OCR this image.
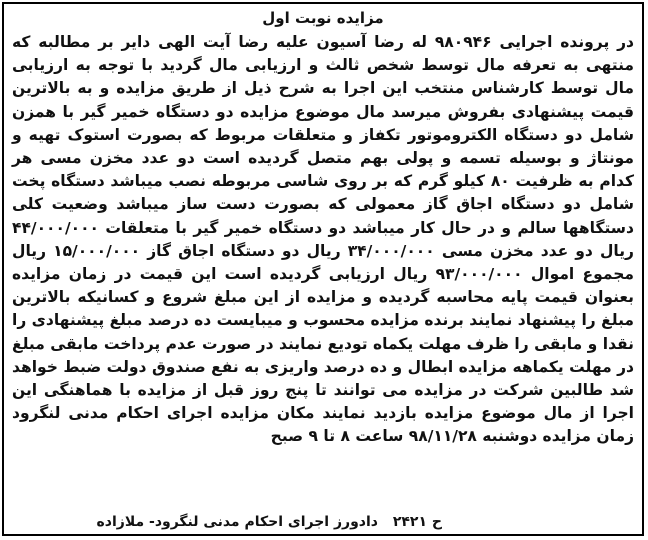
مزایده نوبت اول

در پرونده اجرایی ۹۸۰۹۴۶ له رضا آسیون علیه رضا آیت الهی دایر بر مطالبه که منتهی به تعرفه مال توسط شخص ثالث و ارزیابی مال گردید با توجه به ارزیابی مال توسط کارشناس منتخب این اجرا به شرح ذیل از طریق مزایده و به بالاترین قیمت پیشنهادی بفروش میرسد مال موضوع مزایده دو دستگاه خمیر گیر با همزن شامل دو دستگاه الکتروموتور تکفاز و متعلقات مربوط که بصورت استوک تهیه و مونتاژ و بوسیله تسمه و پولی بهم متصل گردیده است دو عدد مخزن مسی هر کدام به ظرفیت ۸۰ کیلو گرم که بر روی شاسی مربوطه نصب میباشد دستگاه پخت شامل دو دستگاه اجاق گاز معمولی که بصورت دست ساز میباشد وضعیت کلی دستگاهها سالم و در حال کار میباشد دو دستگاه خمیر گیر با متعلقات ۴۴/۰۰۰/۰۰۰ ریال دو عدد مخزن مسی ۳۴/۰۰۰/۰۰۰ ریال دو دستگاه اجاق گاز ۱۵/۰۰۰/۰۰۰ ریال مجموع اموال ۹۳/۰۰۰/۰۰۰ ریال ارزیابی گردیده است این قیمت در زمان مزایده بعنوان قیمت پایه محاسبه گردیده و مزایده از این مبلغ شروع و کسانیکه بالاترین مبلغ را پیشنهاد نمایند برنده مزایده محسوب و میبایست ده درصد مبلغ پیشنهادی را نقدا و مابقی را ظرف مهلت یکماه تودیع نمایند در صورت عدم پرداخت مابقی مبلغ در مهلت یکماهه مزایده ابطال و ده درصد واریزی به نفع صندوق دولت ضبط خواهد شد طالبین شرکت در مزایده می توانند تا پنج روز قبل از مزایده با هماهنگی این اجرا از مال موضوع مزایده بازدید نمایند مکان مزایده اجرای احکام مدنی لنگرود زمان مزایده دوشنبه ۹۸/۱۱/۲۸ ساعت ۸ تا ۹ صبح

ح ۲۴۲۱ دادورز اجرای احکام مدنی لنگرود- ملازاده
